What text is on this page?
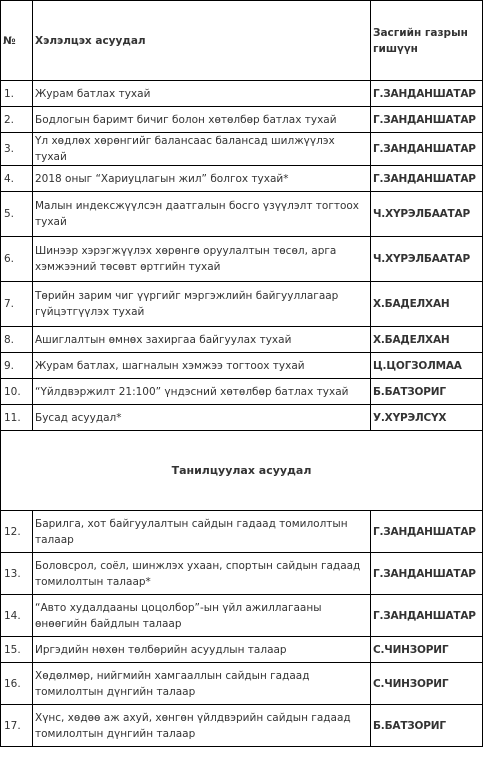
№	Хэлэлцэх асуудал	Засгийн газрын гишүүн
1.	Журам батлах тухай	Г.ЗАНДАНШАТАР
2.	Бодлогын баримт бичиг болон хөтөлбөр батлах тухай	Г.ЗАНДАНШАТАР
3.	Үл хөдлөх хөрөнгийг балансаас балансад шилжүүлэх тухай	Г.ЗАНДАНШАТАР
4.	2018 оныг “Хариуцлагын жил” болгох тухай*	Г.ЗАНДАНШАТАР
5.	Малын индексжүүлсэн даатгалын босго үзүүлэлт тогтоох тухай	Ч.ХҮРЭЛБААТАР
6.	Шинээр хэрэгжүүлэх хөрөнгө оруулалтын төсөл, арга хэмжээний төсөвт өртгийн тухай	Ч.ХҮРЭЛБААТАР
7.	Төрийн зарим чиг үүргийг мэргэжлийн байгууллагаар гүйцэтгүүлэх тухай	Х.БАДЕЛХАН
8.	Ашиглалтын өмнөх захиргаа байгуулах тухай	Х.БАДЕЛХАН
9.	Журам батлах, шагналын хэмжээ тогтоох тухай	Ц.ЦОГЗОЛМАА
10.	“Үйлдвэржилт 21:100” үндэсний хөтөлбөр батлах тухай	Б.БАТЗОРИГ
11.	Бусад асуудал*	У.ХҮРЭЛСҮХ
Танилцуулах асуудал		
12.	Барилга, хот байгуулалтын сайдын гадаад томилолтын талаар	Г.ЗАНДАНШАТАР
13.	Боловсрол, соёл, шинжлэх ухаан, спортын сайдын гадаад томилолтын талаар*	Г.ЗАНДАНШАТАР
14.	“Авто худалдааны цоцолбор”-ын үйл ажиллагааны өнөөгийн байдлын талаар	Г.ЗАНДАНШАТАР
15.	Иргэдийн нөхөн төлбөрийн асуудлын талаар	С.ЧИНЗОРИГ
16.	Хөдөлмөр, нийгмийн хамгааллын сайдын гадаад томилолтын дүнгийн талаар	С.ЧИНЗОРИГ
17.	Хүнс, хөдөө аж ахуй, хөнгөн үйлдвэрийн сайдын гадаад томилолтын дүнгийн талаар	Б.БАТЗОРИГ
